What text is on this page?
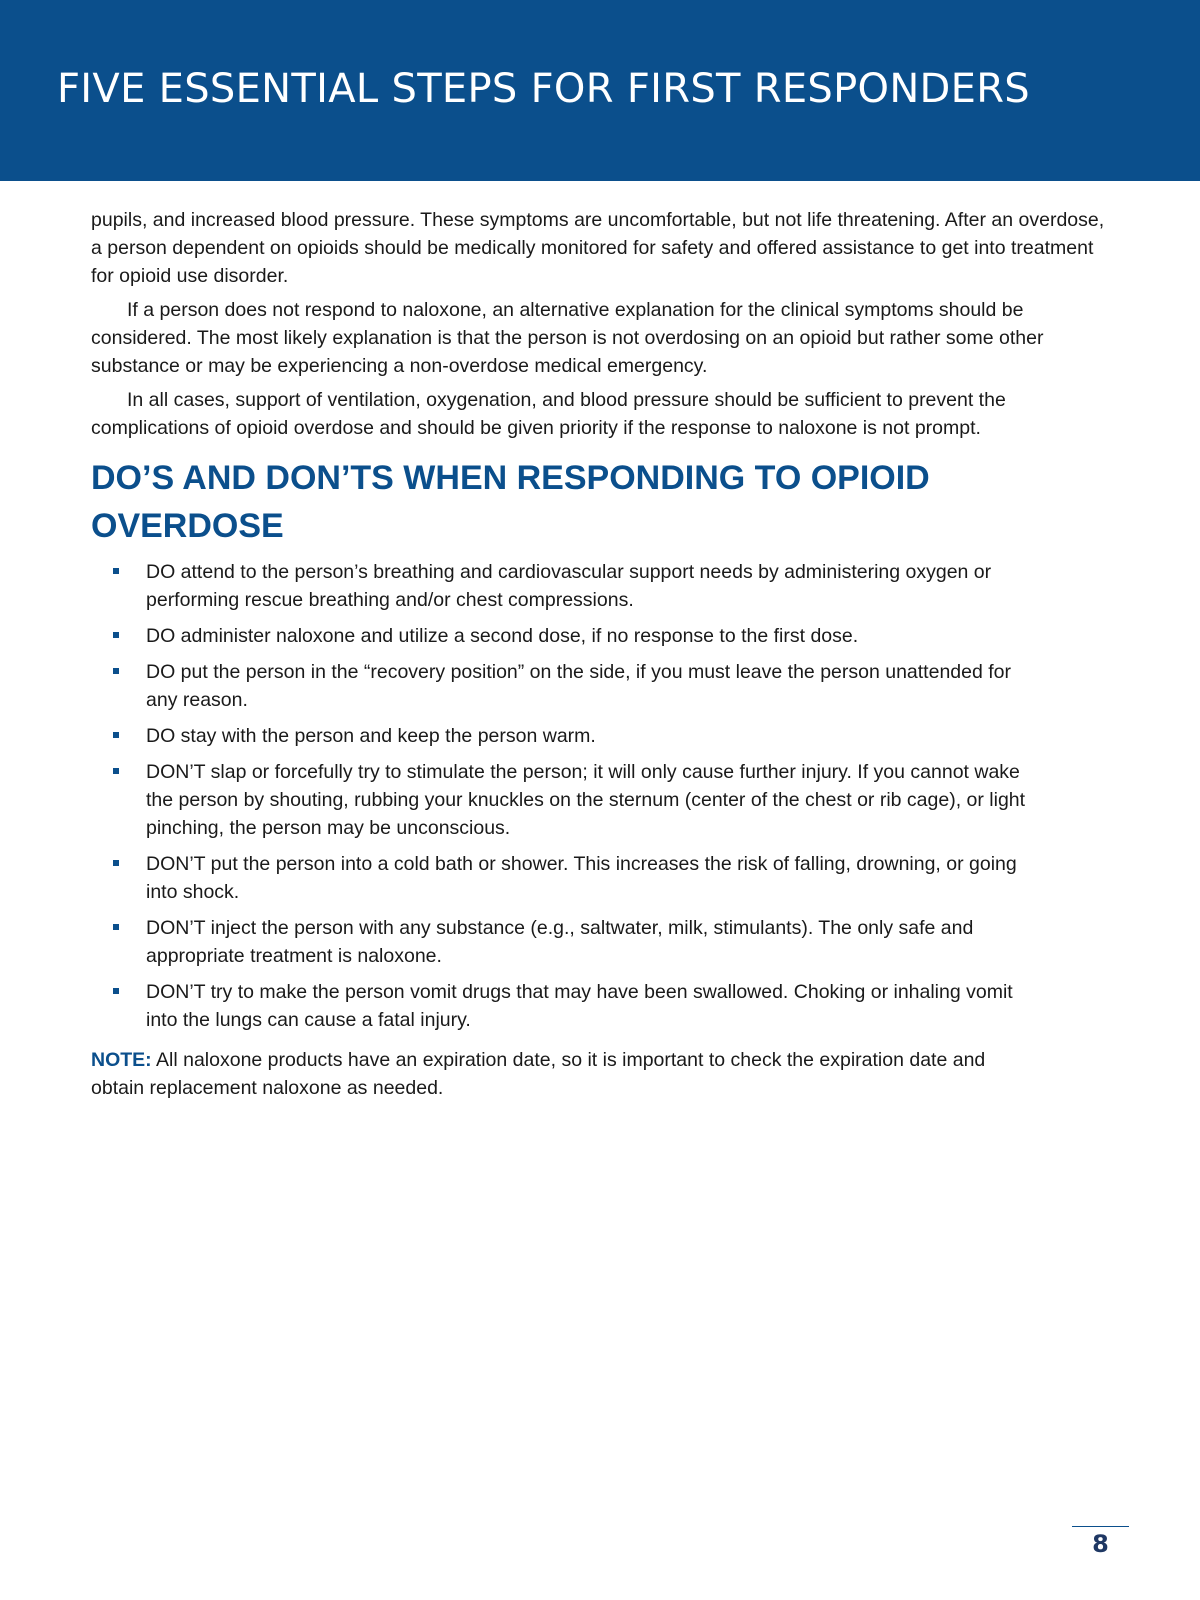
FIVE ESSENTIAL STEPS FOR FIRST RESPONDERS

pupils, and increased blood pressure. These symptoms are uncomfortable, but not life threatening. After an overdose, a person dependent on opioids should be medically monitored for safety and offered assistance to get into treatment for opioid use disorder.

If a person does not respond to naloxone, an alternative explanation for the clinical symptoms should be considered. The most likely explanation is that the person is not overdosing on an opioid but rather some other substance or may be experiencing a non-overdose medical emergency.

In all cases, support of ventilation, oxygenation, and blood pressure should be sufficient to prevent the complications of opioid overdose and should be given priority if the response to naloxone is not prompt.

DO’S AND DON’TS WHEN RESPONDING TO OPIOID OVERDOSE
DO attend to the person’s breathing and cardiovascular support needs by administering oxygen or performing rescue breathing and/or chest compressions.
DO administer naloxone and utilize a second dose, if no response to the first dose.
DO put the person in the “recovery position” on the side, if you must leave the person unattended for any reason.
DO stay with the person and keep the person warm.
DON’T slap or forcefully try to stimulate the person; it will only cause further injury. If you cannot wake the person by shouting, rubbing your knuckles on the sternum (center of the chest or rib cage), or light pinching, the person may be unconscious.
DON’T put the person into a cold bath or shower. This increases the risk of falling, drowning, or going into shock.
DON’T inject the person with any substance (e.g., saltwater, milk, stimulants). The only safe and appropriate treatment is naloxone.
DON’T try to make the person vomit drugs that may have been swallowed. Choking or inhaling vomit into the lungs can cause a fatal injury.

NOTE: All naloxone products have an expiration date, so it is important to check the expiration date and obtain replacement naloxone as needed.

8
